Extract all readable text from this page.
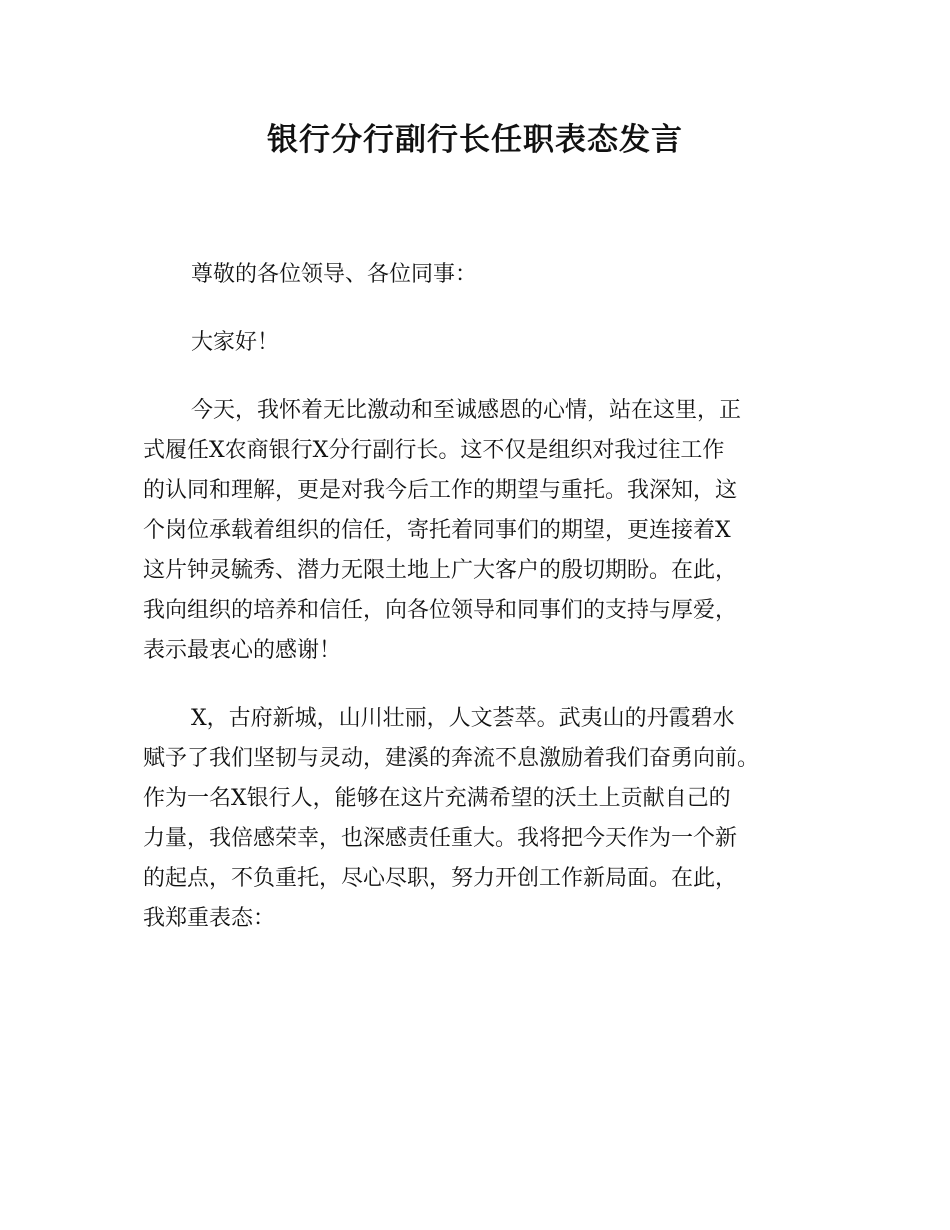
银行分行副行长任职表态发言
尊敬的各位领导、各位同事：
大家好！
今天，我怀着无比激动和至诚感恩的心情，站在这里，正
式履任X农商银行X分行副行长。这不仅是组织对我过往工作
的认同和理解，更是对我今后工作的期望与重托。我深知，这
个岗位承载着组织的信任，寄托着同事们的期望，更连接着X
这片钟灵毓秀、潜力无限土地上广大客户的殷切期盼。在此，
我向组织的培养和信任，向各位领导和同事们的支持与厚爱，
表示最衷心的感谢！
X，古府新城，山川壮丽，人文荟萃。武夷山的丹霞碧水
赋予了我们坚韧与灵动，建溪的奔流不息激励着我们奋勇向前。
作为一名X银行人，能够在这片充满希望的沃土上贡献自己的
力量，我倍感荣幸，也深感责任重大。我将把今天作为一个新
的起点，不负重托，尽心尽职，努力开创工作新局面。在此，
我郑重表态：
